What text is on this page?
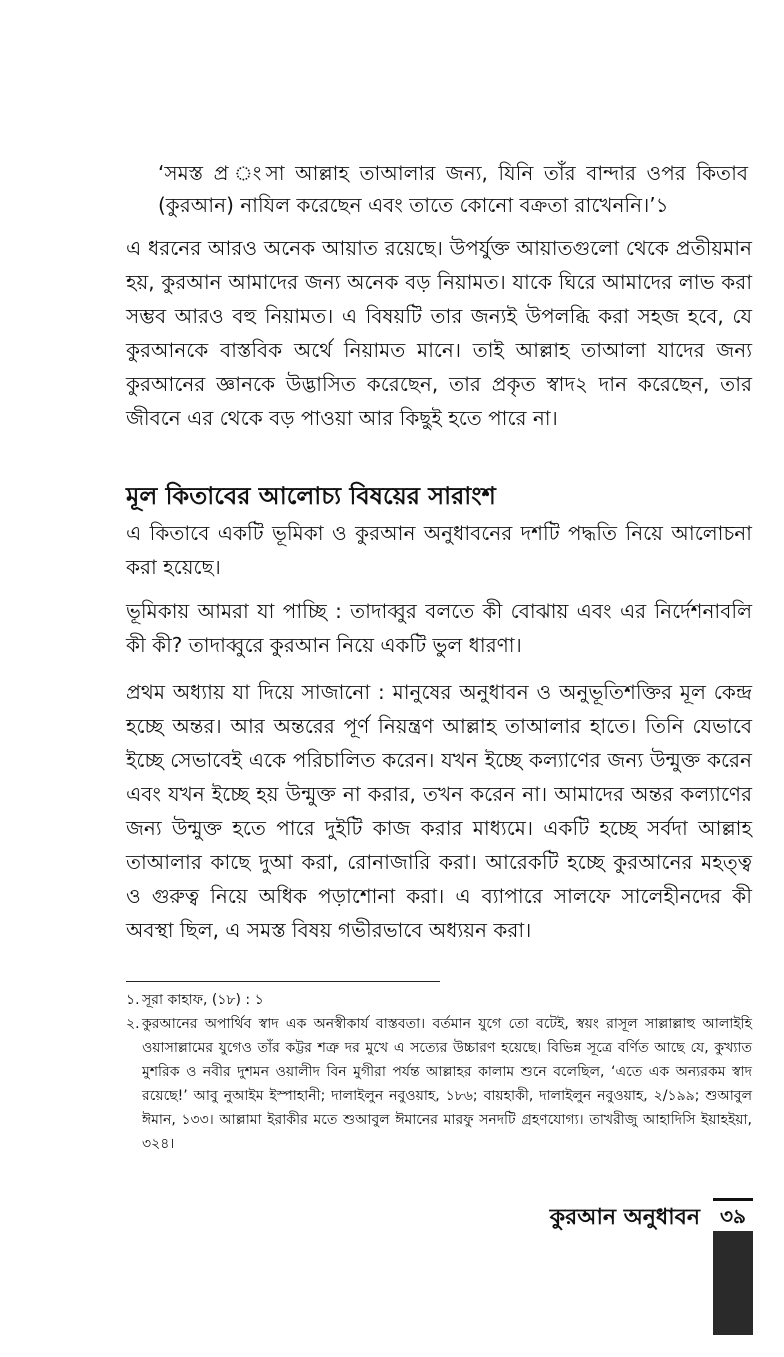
‘সমস্ত প্র ংসা আল্লাহ তাআলার জন্য, যিনি তাঁর বান্দার ওপর কিতাব (কুরআন) নাযিল করেছেন এবং তাতে কোনো বক্রতা রাখেননি।’১

এ ধরনের আরও অনেক আয়াত রয়েছে। উপর্যুক্ত আয়াতগুলো থেকে প্রতীয়মান হয়, কুরআন আমাদের জন্য অনেক বড় নিয়ামত। যাকে ঘিরে আমাদের লাভ করা সম্ভব আরও বহু নিয়ামত। এ বিষয়টি তার জন্যই উপলব্ধি করা সহজ হবে, যে কুরআনকে বাস্তবিক অর্থে নিয়ামত মানে। তাই আল্লাহ তাআলা যাদের জন্য কুরআনের জ্ঞানকে উদ্ভাসিত করেছেন, তার প্রকৃত স্বাদ২ দান করেছেন, তার জীবনে এর থেকে বড় পাওয়া আর কিছুই হতে পারে না।

মূল কিতাবের আলোচ্য বিষয়ের সারাংশ

এ কিতাবে একটি ভূমিকা ও কুরআন অনুধাবনের দশটি পদ্ধতি নিয়ে আলোচনা করা হয়েছে।

ভূমিকায় আমরা যা পাচ্ছি : তাদাব্বুর বলতে কী বোঝায় এবং এর নির্দেশনাবলি কী কী? তাদাব্বুরে কুরআন নিয়ে একটি ভুল ধারণা।

প্রথম অধ্যায় যা দিয়ে সাজানো : মানুষের অনুধাবন ও অনুভূতিশক্তির মূল কেন্দ্র হচ্ছে অন্তর। আর অন্তরের পূর্ণ নিয়ন্ত্রণ আল্লাহ তাআলার হাতে। তিনি যেভাবে ইচ্ছে সেভাবেই একে পরিচালিত করেন। যখন ইচ্ছে কল্যাণের জন্য উন্মুক্ত করেন এবং যখন ইচ্ছে হয় উন্মুক্ত না করার, তখন করেন না। আমাদের অন্তর কল্যাণের জন্য উন্মুক্ত হতে পারে দুইটি কাজ করার মাধ্যমে। একটি হচ্ছে সর্বদা আল্লাহ তাআলার কাছে দুআ করা, রোনাজারি করা। আরেকটি হচ্ছে কুরআনের মহত্ত্ব ও গুরুত্ব নিয়ে অধিক পড়াশোনা করা। এ ব্যাপারে সালফে সালেহীনদের কী অবস্থা ছিল, এ সমস্ত বিষয় গভীরভাবে অধ্যয়ন করা।

১. সূরা কাহাফ, (১৮) : ১

২. কুরআনের অপার্থিব স্বাদ এক অনস্বীকার্য বাস্তবতা। বর্তমান যুগে তো বটেই, স্বয়ং রাসূল সাল্লাল্লাহু আলাইহি ওয়াসাল্লামের যুগেও তাঁর কট্টর শত্রু দর মুখে এ সত্যের উচ্চারণ হয়েছে। বিভিন্ন সূত্রে বর্ণিত আছে যে, কুখ্যাত মুশরিক ও নবীর দুশমন ওয়ালীদ বিন মুগীরা পর্যন্ত আল্লাহর কালাম শুনে বলেছিল, ‘এতে এক অন্যরকম স্বাদ রয়েছে!’ আবু নুআইম ইস্পাহানী; দালাইলুন নবুওয়াহ, ১৮৬; বায়হাকী, দালাইলুন নবুওয়াহ, ২/১৯৯; শুআবুল ঈমান, ১৩৩। আল্লামা ইরাকীর মতে শুআবুল ঈমানের মারফু সনদটি গ্রহণযোগ্য। তাখরীজু আহাদিসি ইয়াহইয়া, ৩২৪।

কুরআন অনুধাবন	৩৯
